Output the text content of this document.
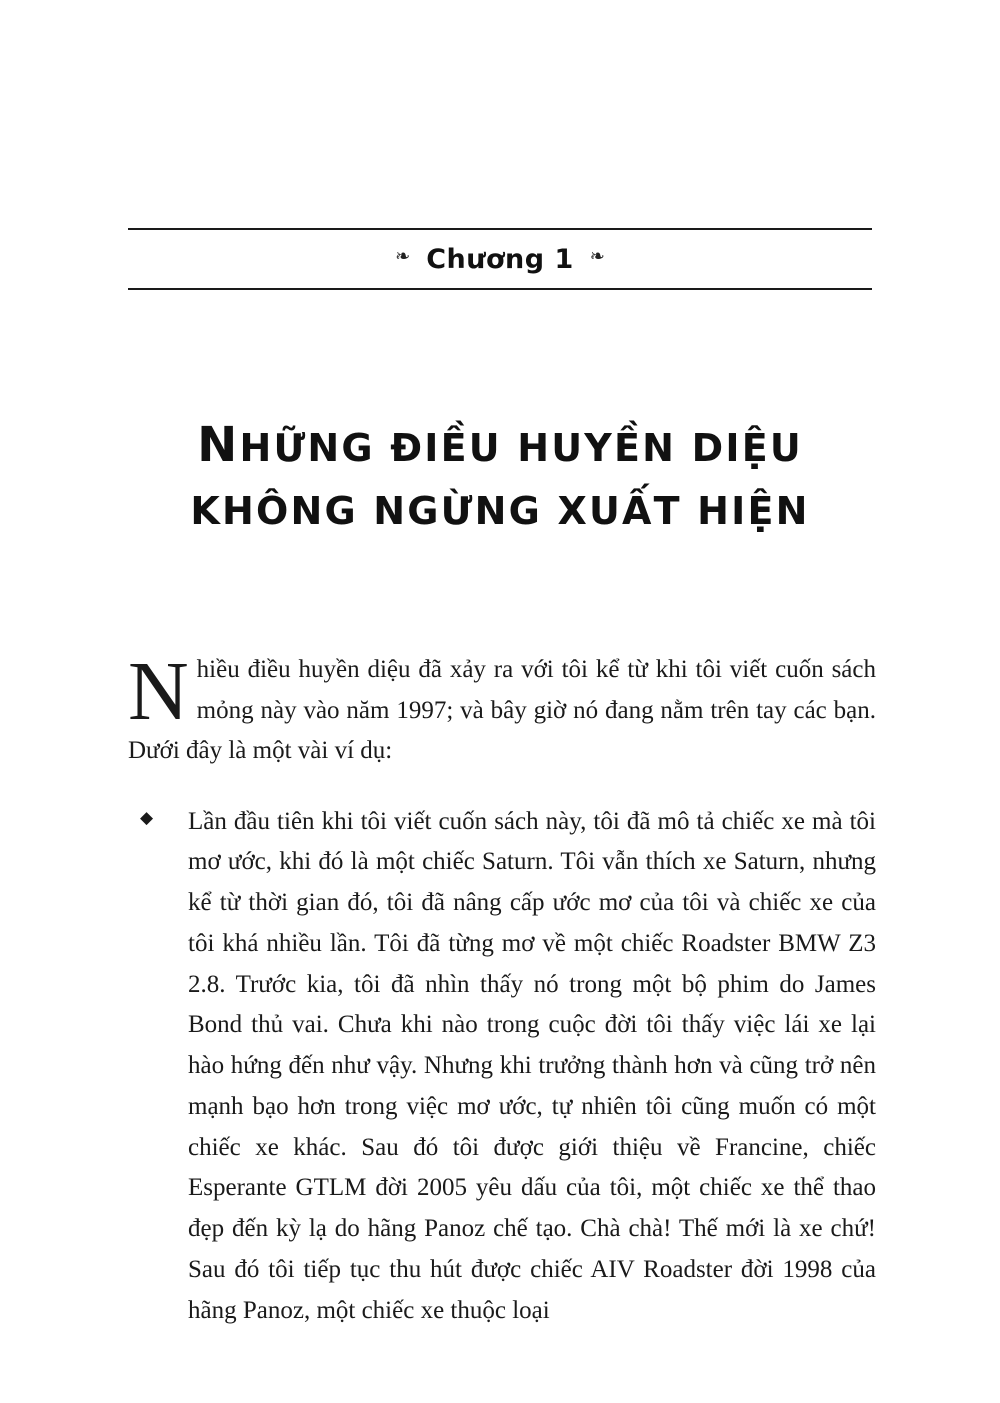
❧ Chương 1 ❧
NHỮNG ĐIỀU HUYỀN DIỆU
KHÔNG NGỪNG XUẤT HIỆN

Nhiều điều huyền diệu đã xảy ra với tôi kể từ khi tôi viết cuốn sách mỏng này vào năm 1997; và bây giờ nó đang nằm trên tay các bạn. Dưới đây là một vài ví dụ:

◆ Lần đầu tiên khi tôi viết cuốn sách này, tôi đã mô tả chiếc xe mà tôi mơ ước, khi đó là một chiếc Saturn. Tôi vẫn thích xe Saturn, nhưng kể từ thời gian đó, tôi đã nâng cấp ước mơ của tôi và chiếc xe của tôi khá nhiều lần. Tôi đã từng mơ về một chiếc Roadster BMW Z3 2.8. Trước kia, tôi đã nhìn thấy nó trong một bộ phim do James Bond thủ vai. Chưa khi nào trong cuộc đời tôi thấy việc lái xe lại hào hứng đến như vậy. Nhưng khi trưởng thành hơn và cũng trở nên mạnh bạo hơn trong việc mơ ước, tự nhiên tôi cũng muốn có một chiếc xe khác. Sau đó tôi được giới thiệu về Francine, chiếc Esperante GTLM đời 2005 yêu dấu của tôi, một chiếc xe thể thao đẹp đến kỳ lạ do hãng Panoz chế tạo. Chà chà! Thế mới là xe chứ! Sau đó tôi tiếp tục thu hút được chiếc AIV Roadster đời 1998 của hãng Panoz, một chiếc xe thuộc loại
